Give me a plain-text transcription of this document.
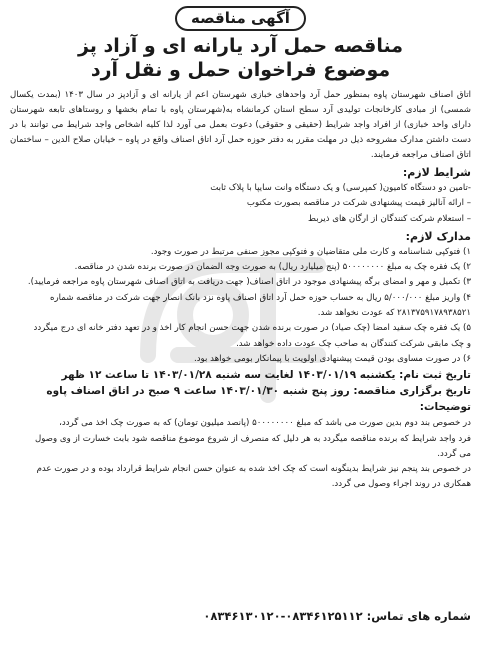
آگهی مناقصه
مناقصه حمل آرد یارانه ای و آزاد پز
موضوع فراخوان حمل و نقل آرد

اتاق اصناف شهرستان پاوه بمنظور حمل آرد واحدهای خبازی شهرستان اعم از یارانه ای و آزادپز در سال ۱۴۰۳ (بمدت یکسال شمسی) از مبادی کارخانجات تولیدی آرد سطح استان کرمانشاه به(شهرستان پاوه با تمام بخشها و روستاهای تابعه شهرستان دارای واحد خبازی) از افراد واجد شرایط (حقیقی و حقوقی) دعوت بعمل می آورد لذا کلیه اشخاص واجد شرایط می توانند با در دست داشتن مدارک مشروحه ذیل در مهلت مقرر به دفتر حوزه حمل آرد اتاق اصناف واقع در پاوه – خیابان صلاح الدین – ساختمان اتاق اصناف مراجعه فرمایند.

شرایط لازم:

-تامین دو دستگاه کامیون( کمپرسی) و یک دستگاه وانت سایپا با پلاک ثابت

– ارائه آنالیز قیمت پیشنهادی شرکت در مناقصه بصورت مکتوب

– استعلام شرکت کنندگان از ارگان های ذیربط

مدارک لازم:

۱) فتوکپی شناسنامه و کارت ملی متقاضیان و فتوکپی مجوز صنفی مرتبط در صورت وجود.

۲) یک فقره چک به مبلغ ۵۰۰۰۰۰۰۰۰ (پنج میلیارد ریال) به صورت وجه الضمان در صورت برنده شدن در مناقصه.

۳) تکمیل و مهر و امضای برگه پیشنهادی موجود در اتاق اصناف( جهت دریافت به اتاق اصناف شهرستان پاوه مراجعه فرمایید).

۴) واریز مبلغ ۵/۰۰۰/۰۰۰ ریال به حساب حوزه حمل آرد اتاق اصناف پاوه نزد بانک انصار جهت شرکت در مناقصه شماره

۲۸۱۳۷۵۹۱۷۸۹۳۸۵۲۱ که عودت نخواهد شد.

۵) یک فقره چک سفید امضا (چک صیاد) در صورت برنده شدن جهت حسن انجام کار اخذ و در تعهد دفتر خانه ای درج میگردد

و چک مابقی شرکت کنندگان به صاحب چک عودت داده خواهد شد.

۶) در صورت مساوی بودن قیمت پیشنهادی اولویت با پیمانکار بومی خواهد بود.

تاریخ ثبت نام: یکشنبه ۱۴۰۳/۰۱/۱۹ لغایت سه شنبه ۱۴۰۳/۰۱/۲۸ تا ساعت ۱۲ ظهر

تاریخ برگزاری مناقصه: روز پنج شنبه ۱۴۰۳/۰۱/۳۰ ساعت ۹ صبح در اتاق اصناف پاوه

توضیحات:

در خصوص بند دوم بدین صورت می باشد که مبلغ ۵۰۰۰۰۰۰۰۰ (پانصد میلیون تومان) که به صورت چک اخذ می گردد،

فرد واجد شرایط که برنده مناقصه میگردد به هر دلیل که منصرف از شروع موضوع مناقصه شود بابت خسارت از وی وصول

می گردد.

در خصوص بند پنجم نیز شرایط بدینگونه است که چک اخذ شده به عنوان حسن انجام شرایط قرارداد بوده و در صورت عدم

همکاری در روند اجراء وصول می گردد.

شماره های تماس: ۰۸۳۴۶۱۲۵۱۱۲-۰۸۳۴۶۱۳۰۱۲۰
